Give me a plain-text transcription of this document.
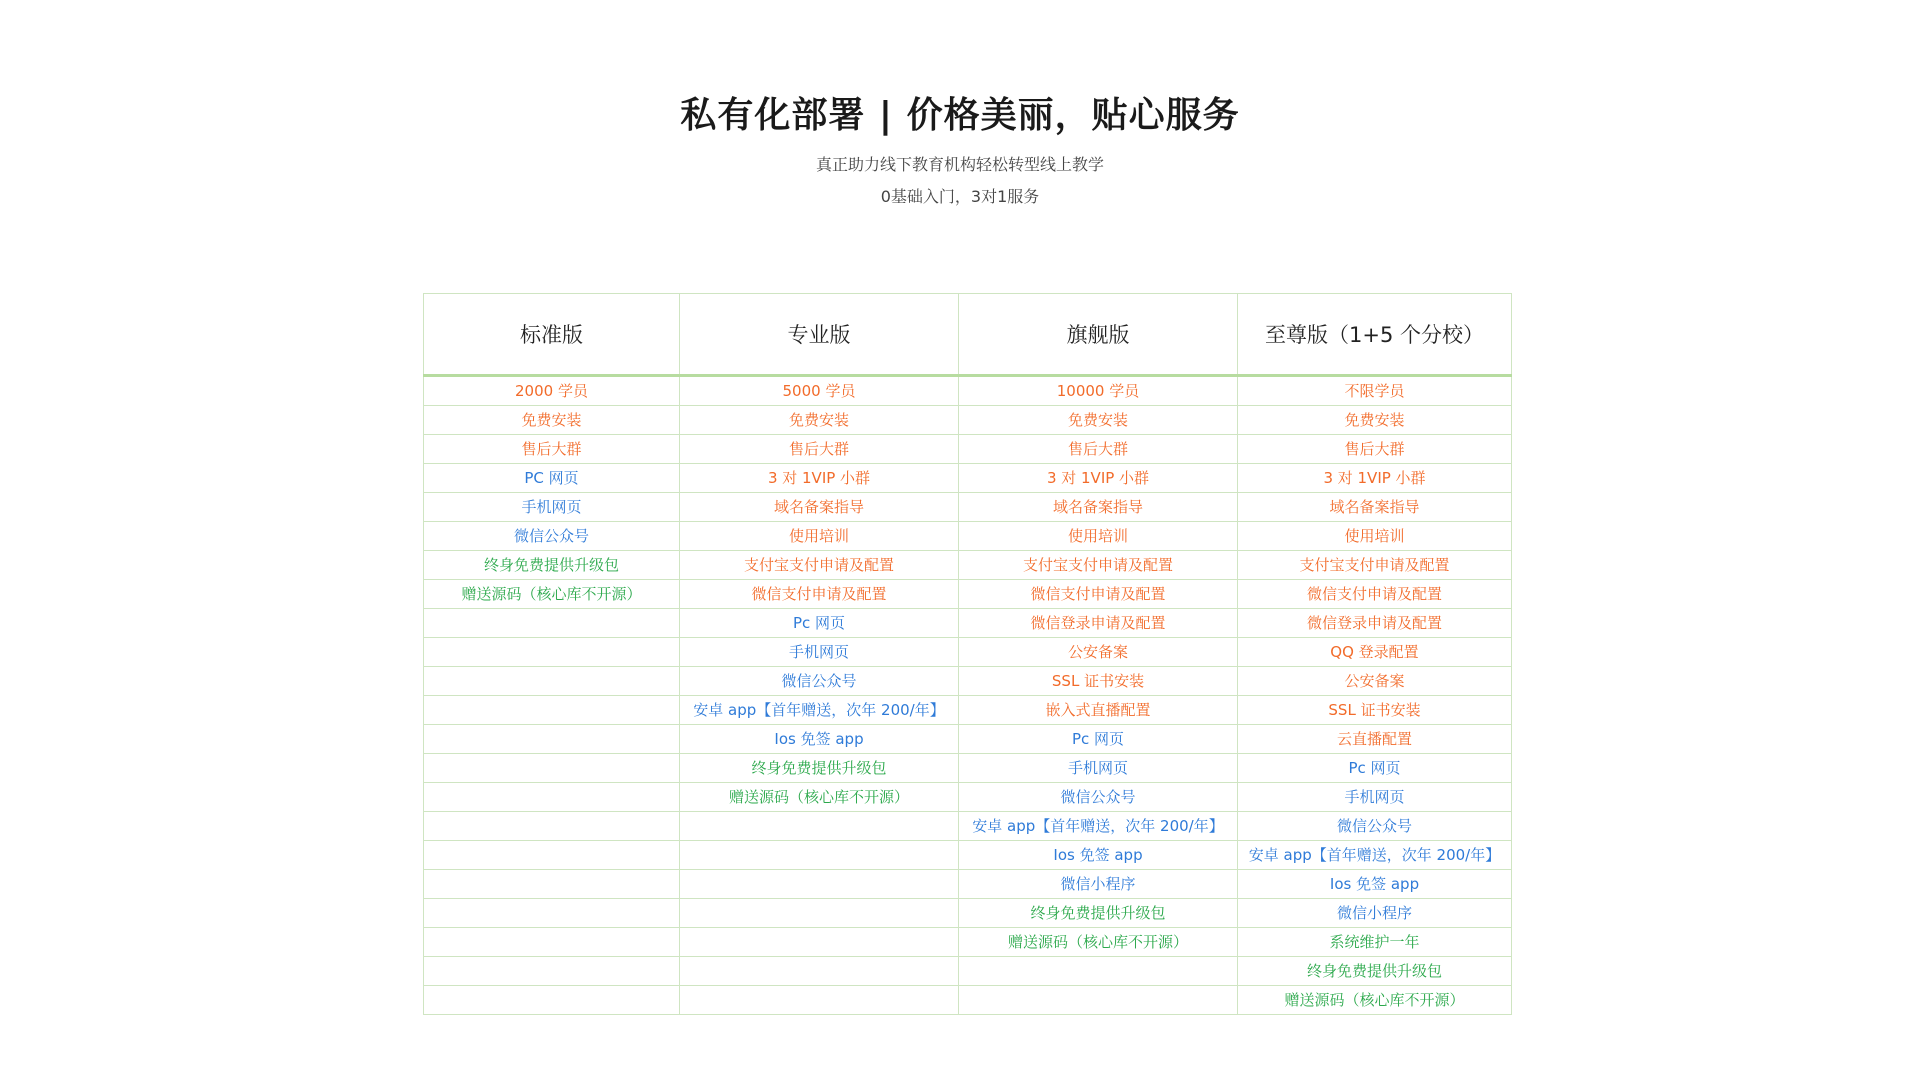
私有化部署 | 价格美丽，贴心服务
真正助力线下教育机构轻松转型线上教学
0基础入门，3对1服务
标准版	专业版	旗舰版	至尊版（1+5 个分校）
2000 学员	5000 学员	10000 学员	不限学员
免费安装	免费安装	免费安装	免费安装
售后大群	售后大群	售后大群	售后大群
PC 网页	3 对 1VIP 小群	3 对 1VIP 小群	3 对 1VIP 小群
手机网页	域名备案指导	域名备案指导	域名备案指导
微信公众号	使用培训	使用培训	使用培训
终身免费提供升级包	支付宝支付申请及配置	支付宝支付申请及配置	支付宝支付申请及配置
赠送源码（核心库不开源）	微信支付申请及配置	微信支付申请及配置	微信支付申请及配置
	Pc 网页	微信登录申请及配置	微信登录申请及配置
	手机网页	公安备案	QQ 登录配置
	微信公众号	SSL 证书安装	公安备案
	安卓 app【首年赠送，次年 200/年】	嵌入式直播配置	SSL 证书安装
	Ios 免签 app	Pc 网页	云直播配置
	终身免费提供升级包	手机网页	Pc 网页
	赠送源码（核心库不开源）	微信公众号	手机网页
		安卓 app【首年赠送，次年 200/年】	微信公众号
		Ios 免签 app	安卓 app【首年赠送，次年 200/年】
		微信小程序	Ios 免签 app
		终身免费提供升级包	微信小程序
		赠送源码（核心库不开源）	系统维护一年
			终身免费提供升级包
			赠送源码（核心库不开源）
